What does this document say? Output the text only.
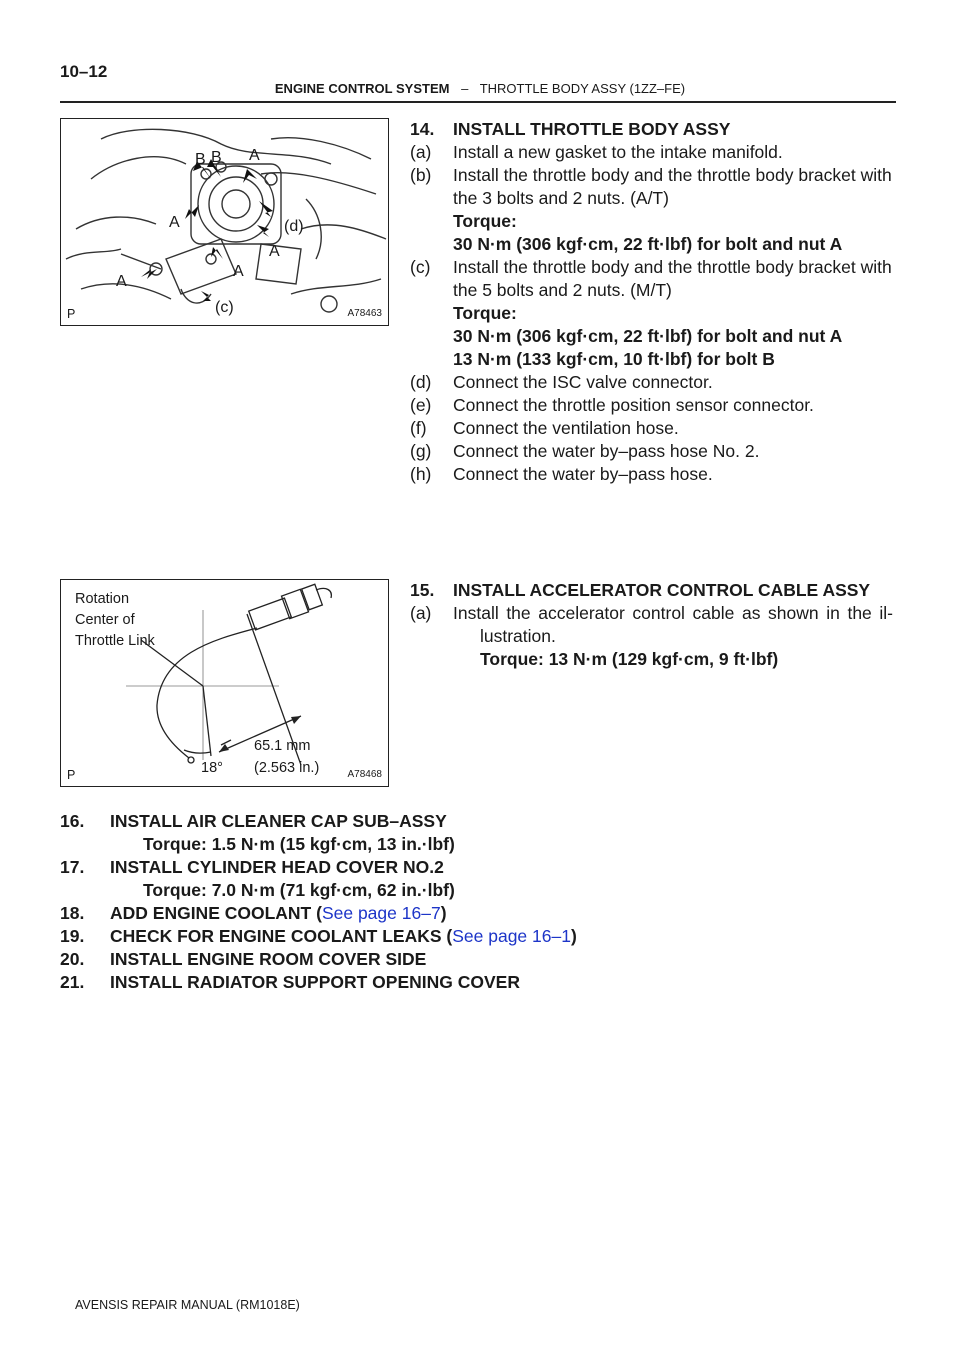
10–12
ENGINE CONTROL SYSTEM – THROTTLE BODY ASSY (1ZZ–FE)
B B A
A	(d)
A
A
A
(c)
P	A78463
Rotation
Center of
Throttle Link
65.1 mm
(2.563 in.)
18°
P	A78468
14. INSTALL THROTTLE BODY ASSY
(a) Install a new gasket to the intake manifold.
(b) Install the throttle body and the throttle body bracket with
the 3 bolts and 2 nuts. (A/T)
Torque:
30 N·m (306 kgf·cm, 22 ft·lbf) for bolt and nut A
(c) Install the throttle body and the throttle body bracket with
the 5 bolts and 2 nuts. (M/T)
Torque:
30 N·m (306 kgf·cm, 22 ft·lbf) for bolt and nut A
13 N·m (133 kgf·cm, 10 ft·lbf) for bolt B
(d) Connect the ISC valve connector.
(e) Connect the throttle position sensor connector.
(f) Connect the ventilation hose.
(g) Connect the water by–pass hose No. 2.
(h) Connect the water by–pass hose.
15. INSTALL ACCELERATOR CONTROL CABLE ASSY
(a) Install the accelerator control cable as shown in the il-
lustration.
Torque: 13 N·m (129 kgf·cm, 9 ft·lbf)
16. INSTALL AIR CLEANER CAP SUB–ASSY
Torque: 1.5 N·m (15 kgf·cm, 13 in.·lbf)
17. INSTALL CYLINDER HEAD COVER NO.2
Torque: 7.0 N·m (71 kgf·cm, 62 in.·lbf)
18. ADD ENGINE COOLANT (See page 16–7)
19. CHECK FOR ENGINE COOLANT LEAKS (See page 16–1)
20. INSTALL ENGINE ROOM COVER SIDE
21. INSTALL RADIATOR SUPPORT OPENING COVER
AVENSIS REPAIR MANUAL (RM1018E)
